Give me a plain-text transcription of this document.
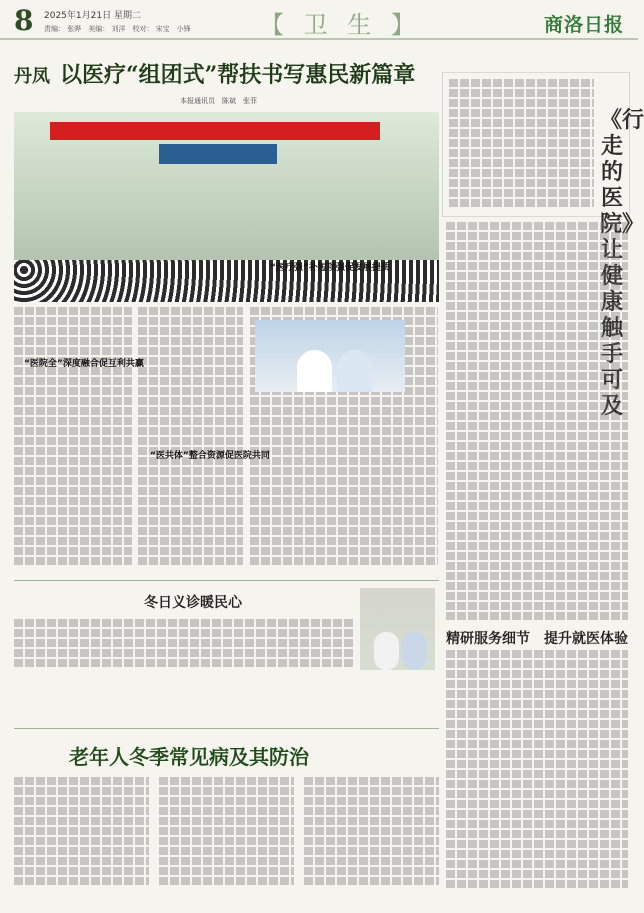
8 2025年1月21日 星期二
责编： 张晔　美编： 刘洋　校对： 宋宝　小锋	【 卫 生 】	商洛日报
丹凤 以医疗“组团式”帮扶书写惠民新篇章
本报通讯员　陈斌　张菲
“医院全”深度融合促互利共赢
“医疗强”补短项强促发展提质
“医共体”整合资源促医院共同
《行走的医院》让健康触手可及
冬日义诊暖民心
精研服务细节　提升就医体验
老年人冬季常见病及其防治
